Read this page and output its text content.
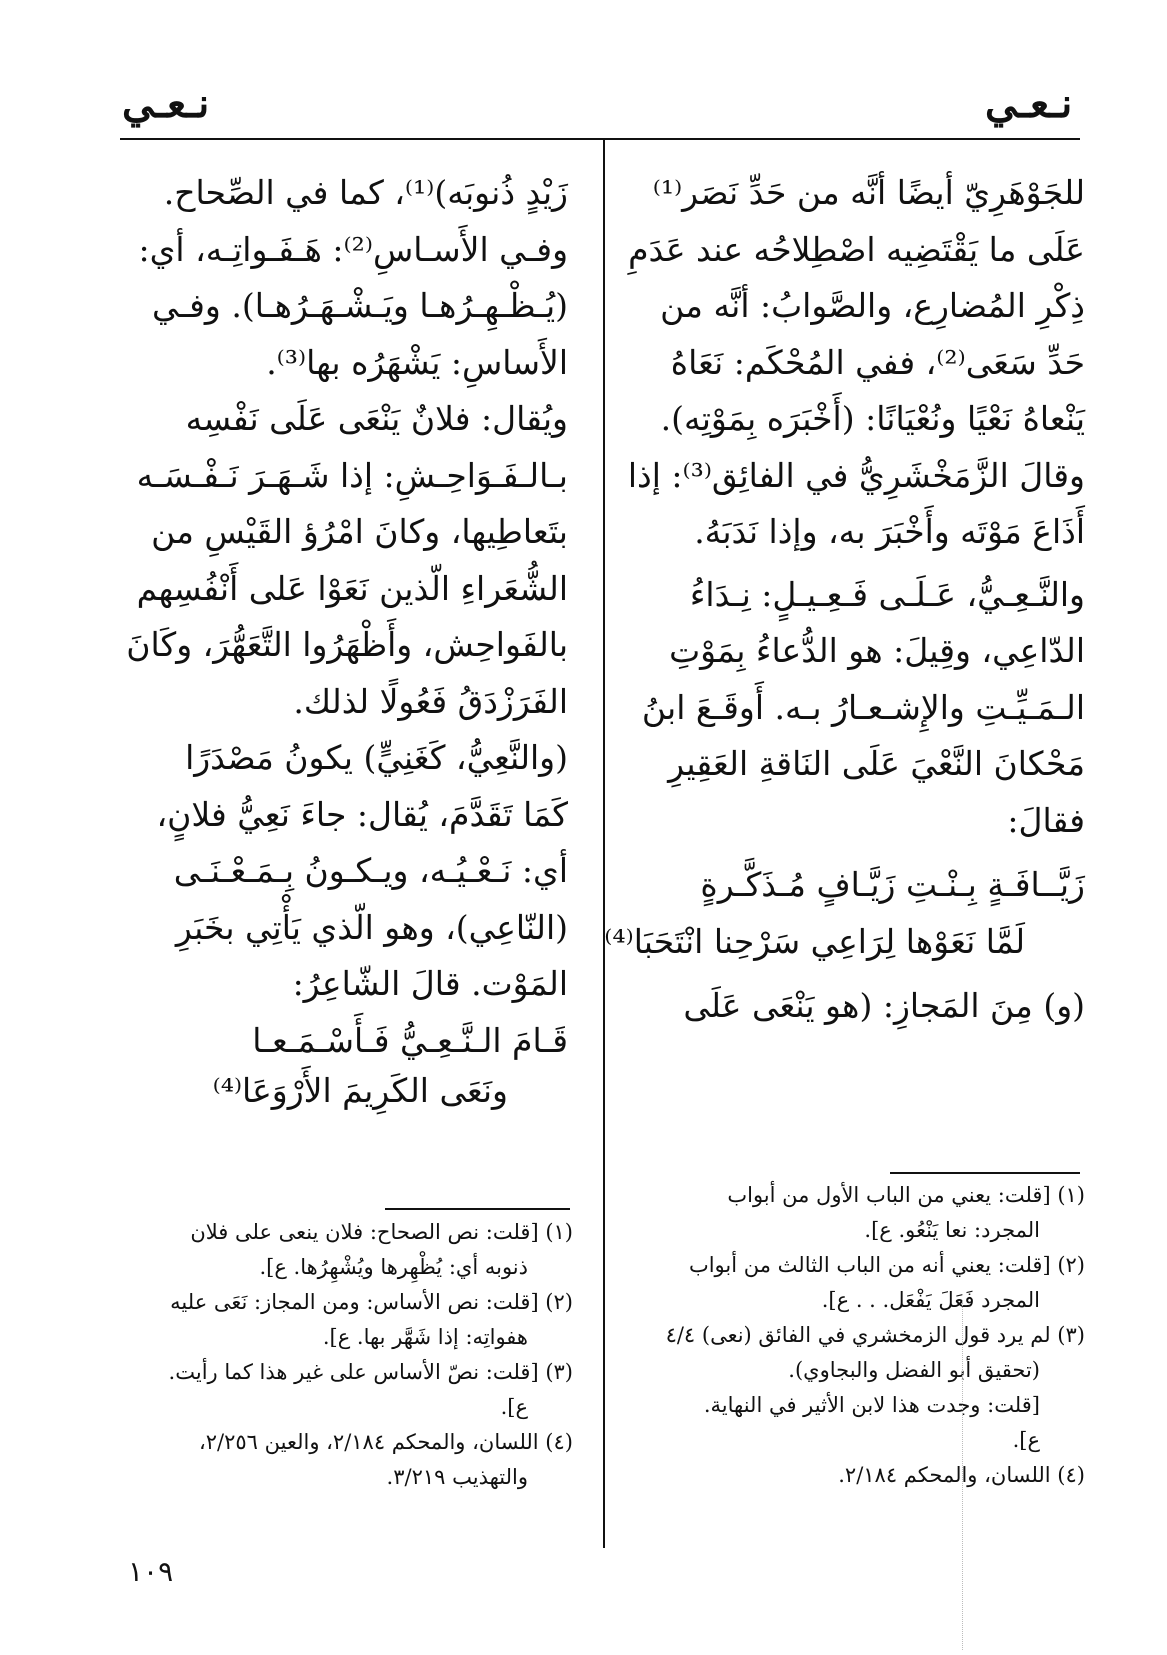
نـعـي
نـعـي
للجَوْهَرِيّ أيضًا أنَّه من حَدِّ نَصَر⁽¹⁾
عَلَى ما يَقْتَضِيه اصْطِلاحُه عند عَدَمِ
ذِكْرِ المُضارِع، والصَّوابُ: أنَّه من
حَدِّ سَعَى⁽²⁾، ففي المُحْكَم: نَعَاهُ
يَنْعاهُ نَعْيًا ونُعْيَانًا: (أَخْبَرَه بِمَوْتِه).
وقالَ الزَّمَخْشَرِيُّ في الفائِق⁽³⁾: إذا
أَذَاعَ مَوْتَه وأَخْبَرَ به، وإذا نَدَبَهُ.
والنَّـعِـيُّ، عَـلَـى فَـعِـيـلٍ: نِـدَاءُ
الدّاعِي، وقِيلَ: هو الدُّعاءُ بِمَوْتِ
الـمَـيِّـتِ والإِشـعـارُ بـه. أَوقَـعَ ابنُ
مَحْكانَ النَّعْيَ عَلَى النَاقةِ العَقِيرِ
فقالَ:
زَيَّــافَـةٍ بِـنْـتِ زَيَّـافٍ مُـذَكَّـرةٍ
لَمَّا نَعَوْها لِرَاعِي سَرْحِنا انْتَحَبَا⁽⁴⁾
(و) مِنَ المَجازِ: (هو يَنْعَى عَلَى
زَيْدٍ ذُنوبَه)⁽¹⁾، كما في الصِّحاح.
وفـي الأَسـاسِ⁽²⁾: هَـفَـواتِـه، أي:
(يُـظْـهِـرُهـا ويَـشْـهَـرُهـا). وفـي
الأَساسِ: يَشْهَرُه بها⁽³⁾.
ويُقال: فلانٌ يَنْعَى عَلَى نَفْسِه
بـالـفَـوَاحِـشِ: إذا شَـهَـرَ نَـفْـسَـه
بتَعاطِيها، وكانَ امْرُؤ القَيْسِ من
الشُّعَراءِ الّذين نَعَوْا عَلى أَنْفُسِهم
بالفَواحِش، وأَظْهَرُوا التَّعَهُّرَ، وكَانَ
الفَرَزْدَقُ فَعُولًا لذلك.
(والنَّعِيُّ، كَغَنِيٍّ) يكونُ مَصْدَرًا
كَمَا تَقَدَّمَ، يُقال: جاءَ نَعِيُّ فلانٍ،
أي: نَـعْـيُـه، ويـكـونُ بِـمَـعْـنَـى
(النّاعِي)، وهو الّذي يَأْتِي بخَبَرِ
المَوْت. قالَ الشّاعِرُ:
قَـامَ الـنَّـعِـيُّ فَـأَسْـمَـعـا
ونَعَى الكَرِيمَ الأَرْوَعَا⁽⁴⁾
(١) [قلت: يعني من الباب الأول من أبواب
المجرد: نعا يَنْعُو. ع].
(٢) [قلت: يعني أنه من الباب الثالث من أبواب
المجرد فَعَلَ يَفْعَل. . . ع].
(٣) لم يرد قول الزمخشري في الفائق (نعى) ٤/٤
(تحقيق أبو الفضل والبجاوي).
[قلت: وجدت هذا لابن الأثير في النهاية.
ع].
(٤) اللسان، والمحكم ٢/١٨٤.
(١) [قلت: نص الصحاح: فلان ينعى على فلان
ذنوبه أي: يُظْهِرها ويُشْهِرُها. ع].
(٢) [قلت: نص الأساس: ومن المجاز: نَعَى عليه
هفواتِه: إذا شَهَّر بها. ع].
(٣) [قلت: نصّ الأساس على غير هذا كما رأيت.
ع].
(٤) اللسان، والمحكم ٢/١٨٤، والعين ٢/٢٥٦،
والتهذيب ٣/٢١٩.
١٠٩
